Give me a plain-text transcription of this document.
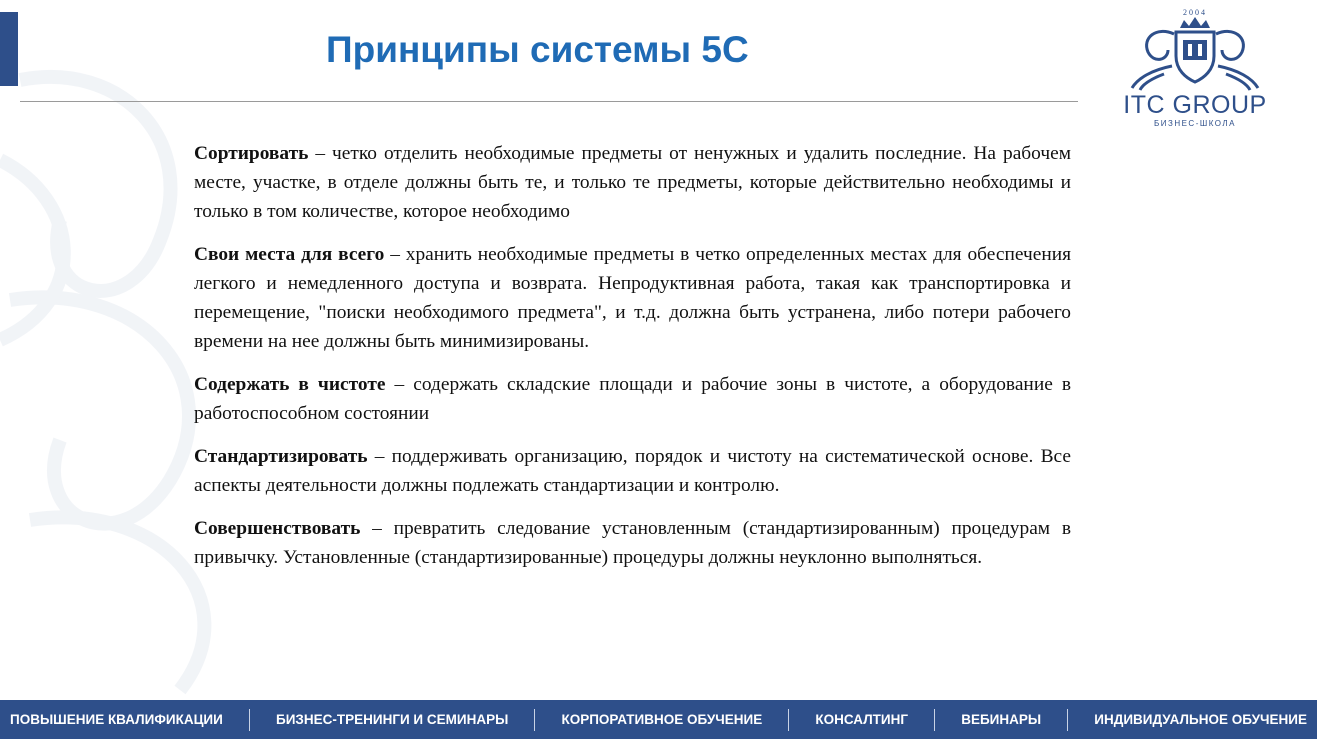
Принципы системы 5С
2004
ITC GROUP
БИЗНЕС-ШКОЛА

Сортировать – четко отделить необходимые предметы от ненужных и удалить последние. На рабочем месте, участке, в отделе должны быть те, и только те предметы, которые действительно необходимы и только в том количестве, которое необходимо

Свои места для всего – хранить необходимые предметы в четко определенных местах для обеспечения легкого и немедленного доступа и возврата. Непродуктивная работа, такая как транспортировка и перемещение, "поиски необходимого предмета", и т.д. должна быть устранена, либо потери рабочего времени на нее должны быть минимизированы.

Содержать в чистоте – содержать складские площади и рабочие зоны в чистоте, а оборудование в работоспособном состоянии

Стандартизировать – поддерживать организацию, порядок и чистоту на систематической основе. Все аспекты деятельности должны подлежать стандартизации и контролю.

Совершенствовать – превратить следование установленным (стандартизированным) процедурам в привычку. Установленные (стандартизированные) процедуры должны неуклонно выполняться.

ПОВЫШЕНИЕ КВАЛИФИКАЦИИ	БИЗНЕС-ТРЕНИНГИ И СЕМИНАРЫ	КОРПОРАТИВНОЕ ОБУЧЕНИЕ	КОНСАЛТИНГ	ВЕБИНАРЫ	ИНДИВИДУАЛЬНОЕ ОБУЧЕНИЕ
